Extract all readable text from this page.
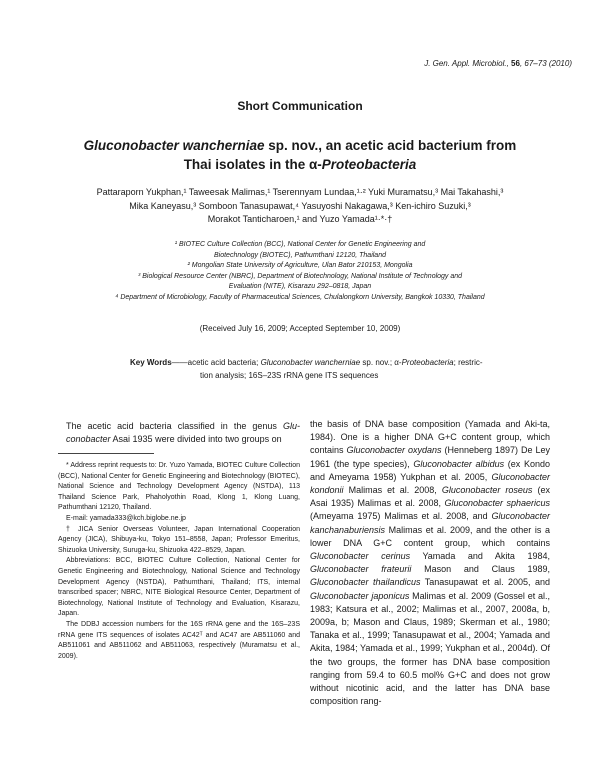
J. Gen. Appl. Microbiol., 56, 67–73 (2010)
Short Communication
Gluconobacter wancherniae sp. nov., an acetic acid bacterium from
Thai isolates in the α-Proteobacteria
Pattaraporn Yukphan,¹ Taweesak Malimas,¹ Tserennyam Lundaa,¹·² Yuki Muramatsu,³ Mai Takahashi,³
Mika Kaneyasu,³ Somboon Tanasupawat,⁴ Yasuyoshi Nakagawa,³ Ken-ichiro Suzuki,³
Morakot Tanticharoen,¹ and Yuzo Yamada¹·*·†
¹ BIOTEC Culture Collection (BCC), National Center for Genetic Engineering and
Biotechnology (BIOTEC), Pathumthani 12120, Thailand
² Mongolian State University of Agriculture, Ulan Bator 210153, Mongolia
³ Biological Resource Center (NBRC), Department of Biotechnology, National Institute of Technology and
Evaluation (NITE), Kisarazu 292–0818, Japan
⁴ Department of Microbiology, Faculty of Pharmaceutical Sciences, Chulalongkorn University, Bangkok 10330, Thailand
(Received July 16, 2009; Accepted September 10, 2009)
Key Words——acetic acid bacteria; Gluconobacter wancherniae sp. nov.; α-Proteobacteria; restric-
tion analysis; 16S–23S rRNA gene ITS sequences
The acetic acid bacteria classified in the genus Glu-conobacter Asai 1935 were divided into two groups on

* Address reprint requests to: Dr. Yuzo Yamada, BIOTEC Culture Collection (BCC), National Center for Genetic Engineering and Biotechnology (BIOTEC), National Science and Technology Development Agency (NSTDA), 113 Thailand Science Park, Phaholyothin Road, Klong 1, Klong Luang, Pathumthani 12120, Thailand.

E-mail: yamada333@kch.biglobe.ne.jp

† JICA Senior Overseas Volunteer, Japan International Cooperation Agency (JICA), Shibuya-ku, Tokyo 151–8558, Japan; Professor Emeritus, Shizuoka University, Suruga-ku, Shizuoka 422–8529, Japan.

Abbreviations: BCC, BIOTEC Culture Collection, National Center for Genetic Engineering and Biotechnology, National Science and Technology Development Agency (NSTDA), Pathumthani, Thailand; ITS, internal transcribed spacer; NBRC, NITE Biological Resource Center, Department of Biotechnology, National Institute of Technology and Evaluation, Kisarazu, Japan.

The DDBJ accession numbers for the 16S rRNA gene and the 16S–23S rRNA gene ITS sequences of isolates AC42ᵀ and AC47 are AB511060 and AB511061 and AB511062 and AB511063, respectively (Muramatsu et al., 2009).

the basis of DNA base composition (Yamada and Aki-ta, 1984). One is a higher DNA G+C content group, which contains Gluconobacter oxydans (Henneberg 1897) De Ley 1961 (the type species), Gluconobacter albidus (ex Kondo and Ameyama 1958) Yukphan et al. 2005, Gluconobacter kondonii Malimas et al. 2008, Gluconobacter roseus (ex Asai 1935) Malimas et al. 2008, Gluconobacter sphaericus (Ameyama 1975) Malimas et al. 2008, and Gluconobacter kanchanaburiensis Malimas et al. 2009, and the other is a lower DNA G+C content group, which contains Gluconobacter cerinus Yamada and Akita 1984, Gluconobacter frateurii Mason and Claus 1989, Gluconobacter thailandicus Tanasupawat et al. 2005, and Gluconobacter japonicus Malimas et al. 2009 (Gossel et al., 1983; Katsura et al., 2002; Malimas et al., 2007, 2008a, b, 2009a, b; Mason and Claus, 1989; Skerman et al., 1980; Tanaka et al., 1999; Tanasupawat et al., 2004; Yamada and Akita, 1984; Yamada et al., 1999; Yukphan et al., 2004d). Of the two groups, the former has DNA base composition ranging from 59.4 to 60.5 mol% G+C and does not grow without nicotinic acid, and the latter has DNA base composition rang-
